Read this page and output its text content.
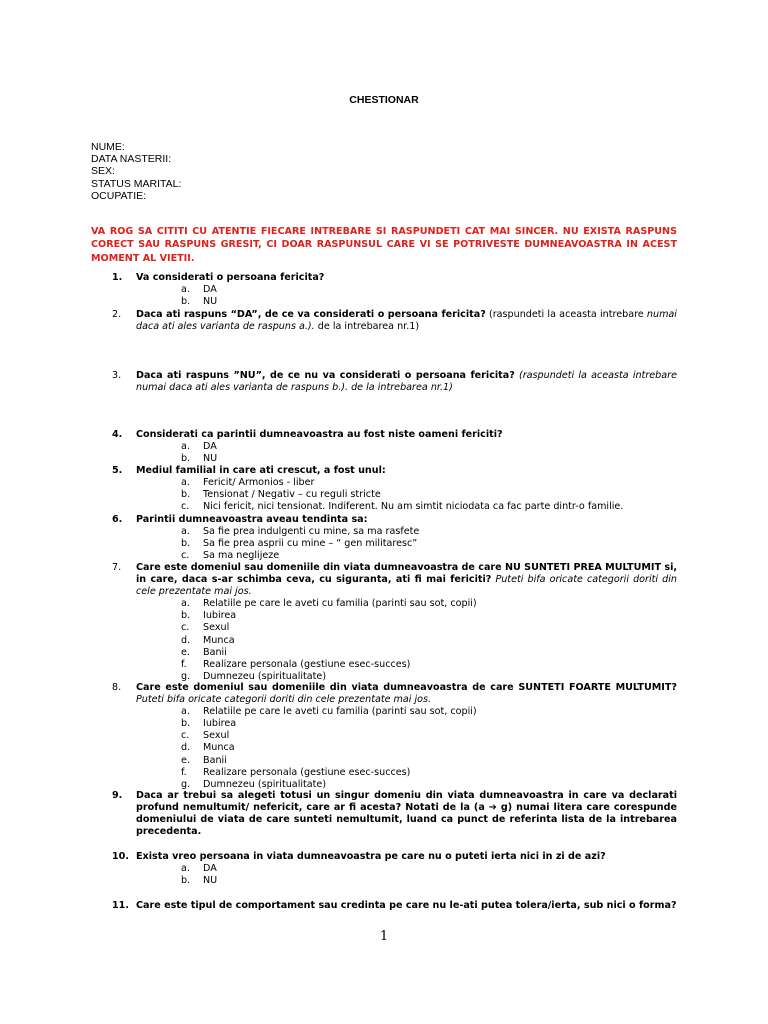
CHESTIONAR
NUME:
DATA NASTERII:
SEX:
STATUS MARITAL:
OCUPATIE:
VA ROG SA CITITI CU ATENTIE FIECARE INTREBARE SI RASPUNDETI CAT MAI SINCER. NU EXISTA RASPUNS CORECT SAU RASPUNS GRESIT, CI DOAR RASPUNSUL CARE VI SE POTRIVESTE DUMNEAVOASTRA IN ACEST MOMENT AL VIETII.
1. Va considerati o persoana fericita?
a. DA
b. NU
2. Daca ati raspuns “DA”, de ce va considerati o persoana fericita? (raspundeti la aceasta intrebare numai daca ati ales varianta de raspuns a.). de la intrebarea nr.1)
3. Daca ati raspuns ”NU”, de ce nu va considerati o persoana fericita? (raspundeti la aceasta intrebare numai daca ati ales varianta de raspuns b.). de la intrebarea nr.1)
4. Considerati ca parintii dumneavoastra au fost niste oameni fericiti?
a. DA
b. NU
5. Mediul familial in care ati crescut, a fost unul:
a. Fericit/ Armonios - liber
b. Tensionat / Negativ – cu reguli stricte
c. Nici fericit, nici tensionat. Indiferent. Nu am simtit niciodata ca fac parte dintr-o familie.
6. Parintii dumneavoastra aveau tendinta sa:
a. Sa fie prea indulgenti cu mine, sa ma rasfete
b. Sa fie prea asprii cu mine – “ gen militaresc”
c. Sa ma neglijeze
7. Care este domeniul sau domeniile din viata dumneavoastra de care NU SUNTETI PREA MULTUMIT si, in care, daca s-ar schimba ceva, cu siguranta, ati fi mai fericiti? Puteti bifa oricate categorii doriti din cele prezentate mai jos.
a. Relatiile pe care le aveti cu familia (parinti sau sot, copii)
b. Iubirea
c. Sexul
d. Munca
e. Banii
f. Realizare personala (gestiune esec-succes)
g. Dumnezeu (spiritualitate)
8. Care este domeniul sau domeniile din viata dumneavoastra de care SUNTETI FOARTE MULTUMIT? Puteti bifa oricate categorii doriti din cele prezentate mai jos.
a. Relatiile pe care le aveti cu familia (parinti sau sot, copii)
b. Iubirea
c. Sexul
d. Munca
e. Banii
f. Realizare personala (gestiune esec-succes)
g. Dumnezeu (spiritualitate)
9. Daca ar trebui sa alegeti totusi un singur domeniu din viata dumneavoastra in care va declarati profund nemultumit/ nefericit, care ar fi acesta? Notati de la (a ➔ g) numai litera care corespunde domeniului de viata de care sunteti nemultumit, luand ca punct de referinta lista de la intrebarea precedenta.
10. Exista vreo persoana in viata dumneavoastra pe care nu o puteti ierta nici in zi de azi?
a. DA
b. NU
11. Care este tipul de comportament sau credinta pe care nu le-ati putea tolera/ierta, sub nici o forma?
1
